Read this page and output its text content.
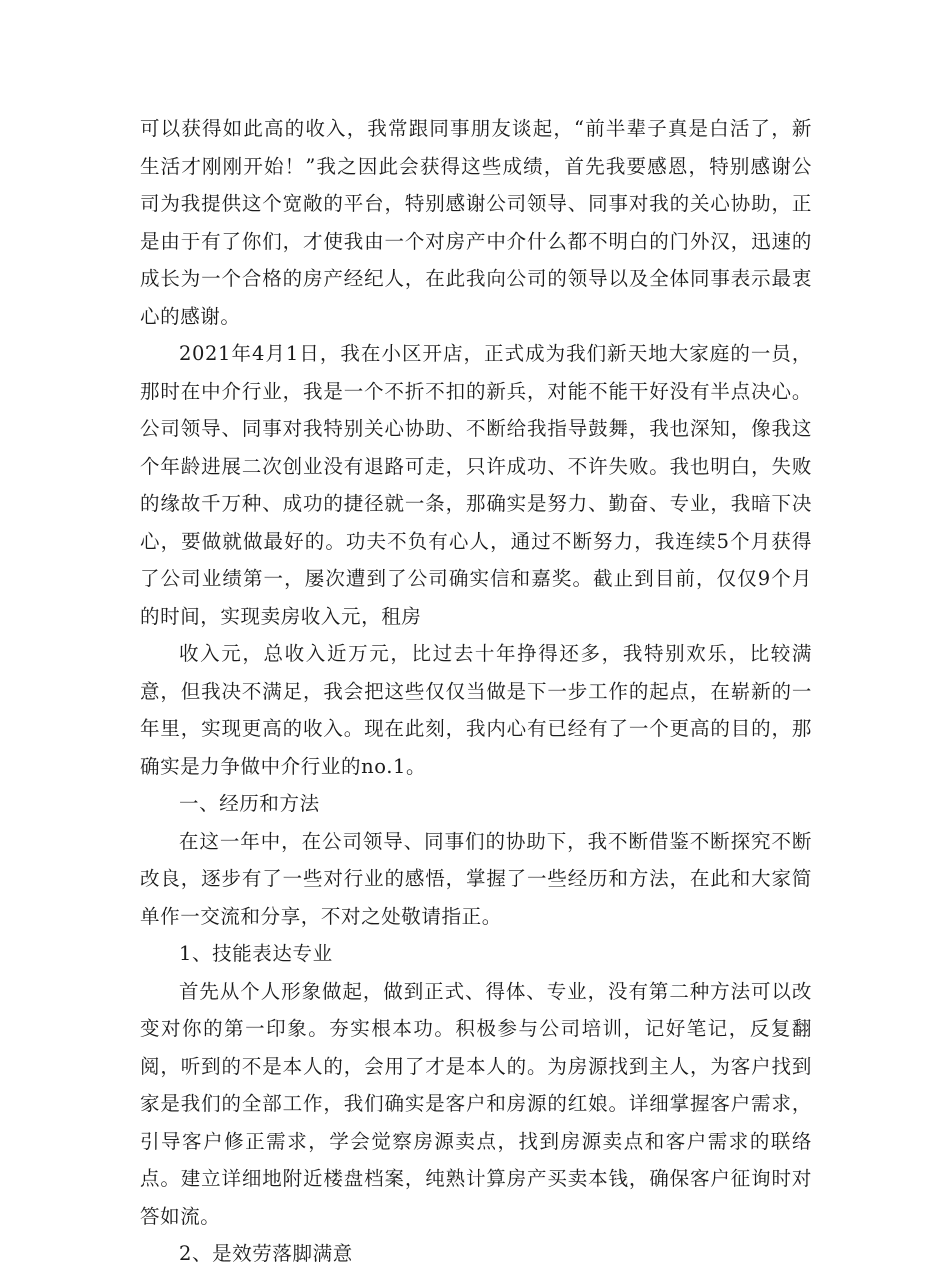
可以获得如此高的收入，我常跟同事朋友谈起，“前半辈子真是白活了，新生活才刚刚开始！”我之因此会获得这些成绩，首先我要感恩，特别感谢公司为我提供这个宽敞的平台，特别感谢公司领导、同事对我的关心协助，正是由于有了你们，才使我由一个对房产中介什么都不明白的门外汉，迅速的成长为一个合格的房产经纪人，在此我向公司的领导以及全体同事表示最衷心的感谢。

2021年4月1日，我在小区开店，正式成为我们新天地大家庭的一员，那时在中介行业，我是一个不折不扣的新兵，对能不能干好没有半点决心。公司领导、同事对我特别关心协助、不断给我指导鼓舞，我也深知，像我这个年龄进展二次创业没有退路可走，只许成功、不许失败。我也明白，失败的缘故千万种、成功的捷径就一条，那确实是努力、勤奋、专业，我暗下决心，要做就做最好的。功夫不负有心人，通过不断努力，我连续5个月获得了公司业绩第一，屡次遭到了公司确实信和嘉奖。截止到目前，仅仅9个月的时间，实现卖房收入元，租房

收入元，总收入近万元，比过去十年挣得还多，我特别欢乐，比较满意，但我决不满足，我会把这些仅仅当做是下一步工作的起点，在崭新的一年里，实现更高的收入。现在此刻，我内心有已经有了一个更高的目的，那确实是力争做中介行业的no.1。

一、经历和方法

在这一年中，在公司领导、同事们的协助下，我不断借鉴不断探究不断改良，逐步有了一些对行业的感悟，掌握了一些经历和方法，在此和大家简单作一交流和分享，不对之处敬请指正。

1、技能表达专业

首先从个人形象做起，做到正式、得体、专业，没有第二种方法可以改变对你的第一印象。夯实根本功。积极参与公司培训，记好笔记，反复翻阅，听到的不是本人的，会用了才是本人的。为房源找到主人，为客户找到家是我们的全部工作，我们确实是客户和房源的红娘。详细掌握客户需求，引导客户修正需求，学会觉察房源卖点，找到房源卖点和客户需求的联络点。建立详细地附近楼盘档案，纯熟计算房产买卖本钱，确保客户征询时对答如流。

2、是效劳落脚满意
